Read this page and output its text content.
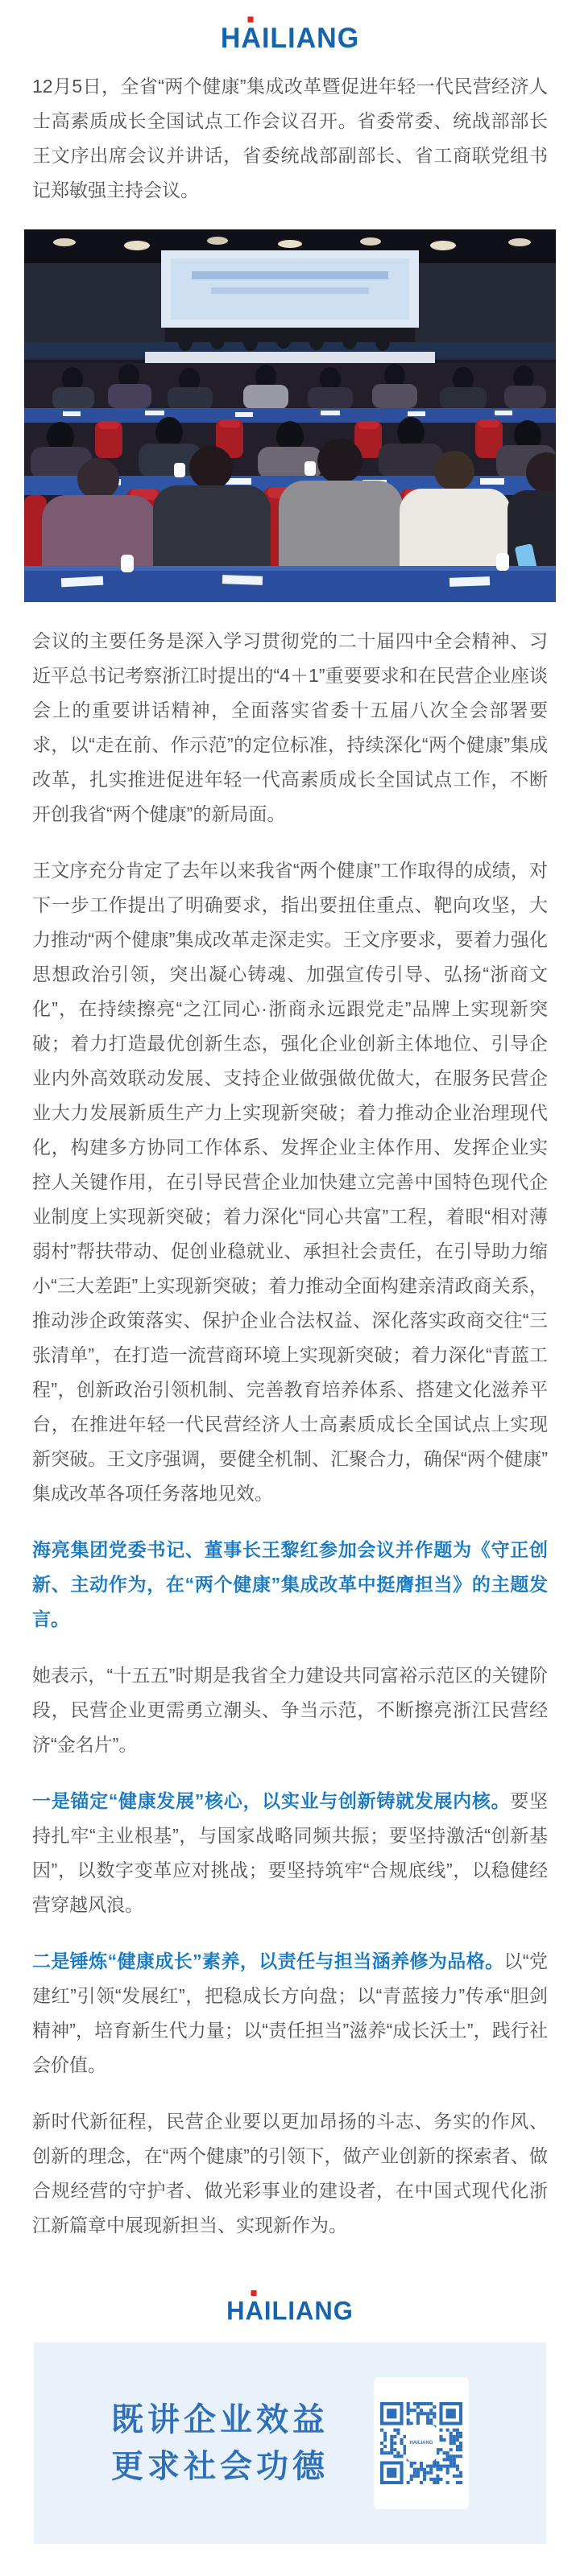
H A ILIANG

12月5日，全省“两个健康”集成改革暨促进年轻一代民营经济人士高素质成长全国试点工作会议召开。省委常委、统战部部长王文序出席会议并讲话，省委统战部副部长、省工商联党组书记郑敏强主持会议。

会议的主要任务是深入学习贯彻党的二十届四中全会精神、习近平总书记考察浙江时提出的“4＋1”重要要求和在民营企业座谈会上的重要讲话精神，全面落实省委十五届八次全会部署要求，以“走在前、作示范”的定位标准，持续深化“两个健康”集成改革，扎实推进促进年轻一代高素质成长全国试点工作，不断开创我省“两个健康”的新局面。

王文序充分肯定了去年以来我省“两个健康”工作取得的成绩，对下一步工作提出了明确要求，指出要扭住重点、靶向攻坚，大力推动“两个健康”集成改革走深走实。王文序要求，要着力强化思想政治引领，突出凝心铸魂、加强宣传引导、弘扬“浙商文化”，在持续擦亮“之江同心·浙商永远跟党走”品牌上实现新突破；着力打造最优创新生态，强化企业创新主体地位、引导企业内外高效联动发展、支持企业做强做优做大，在服务民营企业大力发展新质生产力上实现新突破；着力推动企业治理现代化，构建多方协同工作体系、发挥企业主体作用、发挥企业实控人关键作用，在引导民营企业加快建立完善中国特色现代企业制度上实现新突破；着力深化“同心共富”工程，着眼“相对薄弱村”帮扶带动、促创业稳就业、承担社会责任，在引导助力缩小“三大差距”上实现新突破；着力推动全面构建亲清政商关系，推动涉企政策落实、保护企业合法权益、深化落实政商交往“三张清单”，在打造一流营商环境上实现新突破；着力深化“青蓝工程”，创新政治引领机制、完善教育培养体系、搭建文化滋养平台，在推进年轻一代民营经济人士高素质成长全国试点上实现新突破。王文序强调，要健全机制、汇聚合力，确保“两个健康”集成改革各项任务落地见效。

海亮集团党委书记、董事长王黎红参加会议并作题为《守正创新、主动作为，在“两个健康”集成改革中挺膺担当》的主题发言。

她表示，“十五五”时期是我省全力建设共同富裕示范区的关键阶段，民营企业更需勇立潮头、争当示范，不断擦亮浙江民营经济“金名片”。

一是锚定“健康发展”核心，以实业与创新铸就发展内核。要坚持扎牢“主业根基”，与国家战略同频共振；要坚持激活“创新基因”，以数字变革应对挑战；要坚持筑牢“合规底线”，以稳健经营穿越风浪。

二是锤炼“健康成长”素养，以责任与担当涵养修为品格。以“党建红”引领“发展红”，把稳成长方向盘；以“青蓝接力”传承“胆剑精神”，培育新生代力量；以“责任担当”滋养“成长沃土”，践行社会价值。

新时代新征程，民营企业要以更加昂扬的斗志、务实的作风、创新的理念，在“两个健康”的引领下，做产业创新的探索者、做合规经营的守护者、做光彩事业的建设者，在中国式现代化浙江新篇章中展现新担当、实现新作为。

H A ILIANG
既讲企业效益
更求社会功德
HAILIANG
